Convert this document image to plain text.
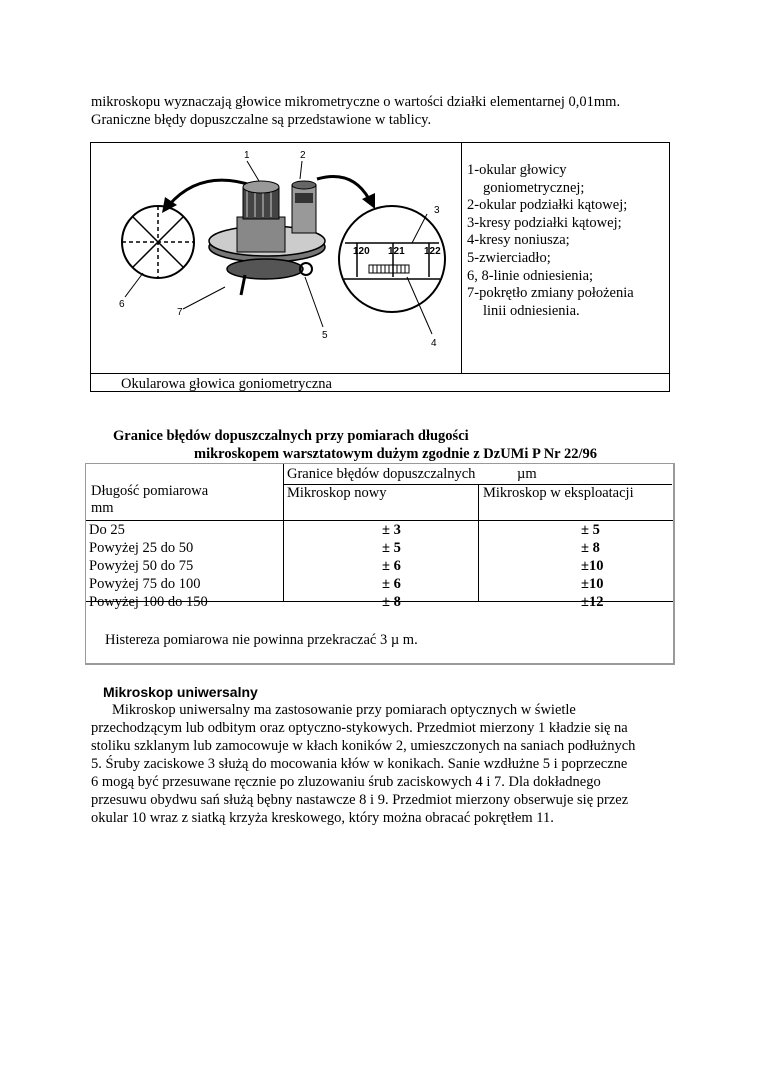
mikroskopu wyznaczają głowice mikrometryczne o wartości działki elementarnej 0,01mm.
Graniczne błędy dopuszczalne są przedstawione w tablicy.
120 121 122
1	2
3
4
5
6
7
1-okular głowicy
goniometrycznej;
2-okular podziałki kątowej;
3-kresy podziałki kątowej;
4-kresy noniusza;
5-zwierciadło;
6, 8-linie odniesienia;
7-pokrętło zmiany położenia
linii odniesienia.
Okularowa głowica goniometryczna
Granice błędów dopuszczalnych przy pomiarach długości
mikroskopem warsztatowym dużym zgodnie z DzUMi P Nr 22/96
Długość pomiarowa
mm
Granice błędów dopuszczalnych	µm
Mikroskop nowy	Mikroskop w eksploatacji
Do 25	± 3	± 5
Powyżej 25 do 50	± 5	± 8
Powyżej 50 do 75	± 6	±10
Powyżej 75 do 100	± 6	±10
Powyżej 100 do 150	± 8	±12
Histereza pomiarowa nie powinna przekraczać 3 µ m.
Mikroskop uniwersalny
Mikroskop uniwersalny ma zastosowanie przy pomiarach optycznych w świetle
przechodzącym lub odbitym oraz optyczno-stykowych. Przedmiot mierzony 1 kładzie się na
stoliku szklanym lub zamocowuje w kłach koników 2, umieszczonych na saniach podłużnych
5. Śruby zaciskowe 3 służą do mocowania kłów w konikach. Sanie wzdłużne 5 i poprzeczne
6 mogą być przesuwane ręcznie po zluzowaniu śrub zaciskowych 4 i 7. Dla dokładnego
przesuwu obydwu sań służą bębny nastawcze 8 i 9. Przedmiot mierzony obserwuje się przez
okular 10 wraz z siatką krzyża kreskowego, który można obracać pokrętłem 11.
